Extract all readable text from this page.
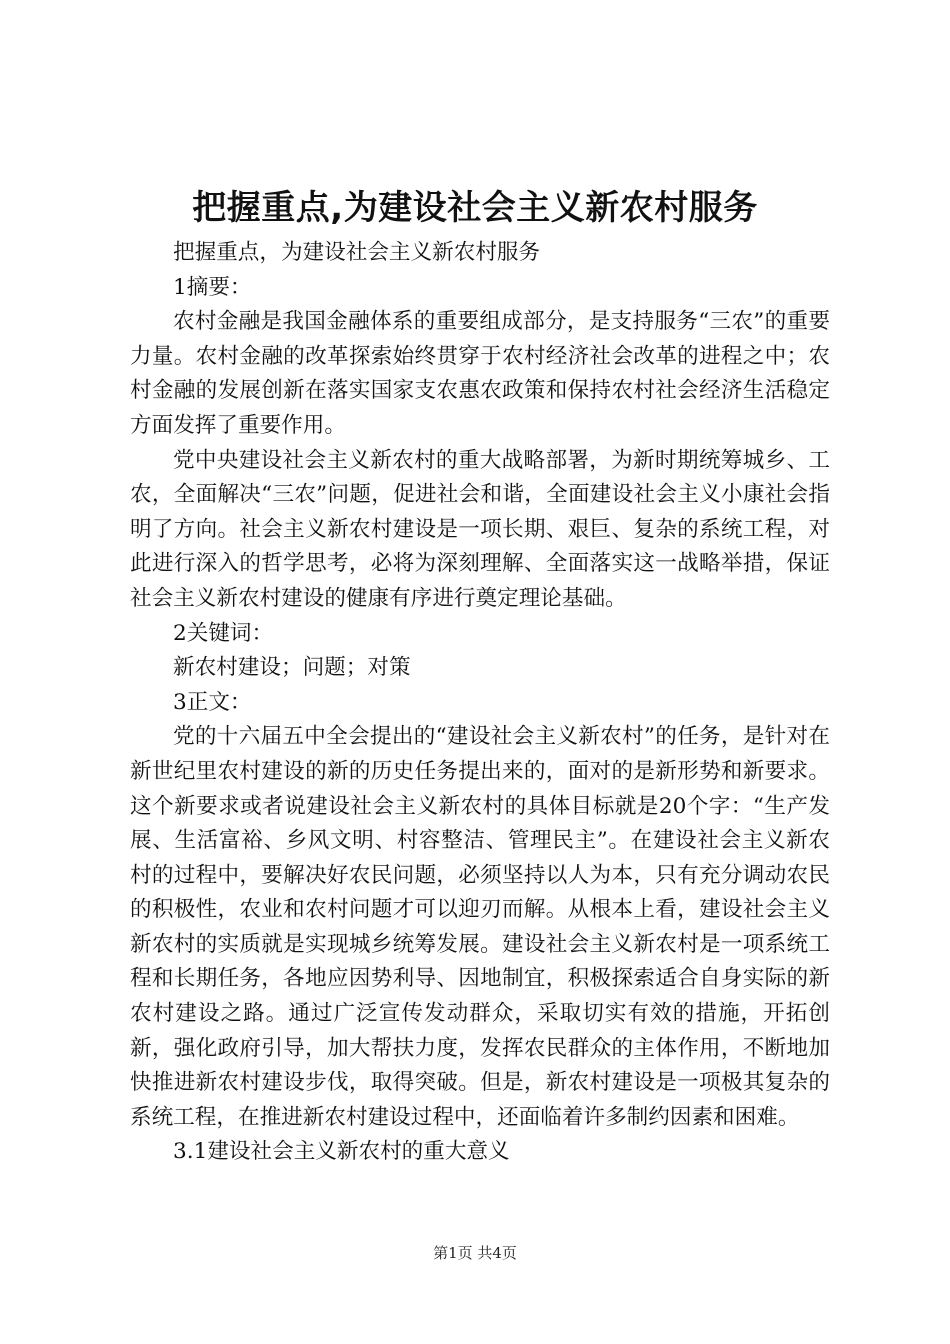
把握重点,为建设社会主义新农村服务

把握重点，为建设社会主义新农村服务

1摘要：

农村金融是我国金融体系的重要组成部分，是支持服务“三农”的重要力量。农村金融的改革探索始终贯穿于农村经济社会改革的进程之中；农村金融的发展创新在落实国家支农惠农政策和保持农村社会经济生活稳定方面发挥了重要作用。

党中央建设社会主义新农村的重大战略部署，为新时期统筹城乡、工农，全面解决“三农”问题，促进社会和谐，全面建设社会主义小康社会指明了方向。社会主义新农村建设是一项长期、艰巨、复杂的系统工程，对此进行深入的哲学思考，必将为深刻理解、全面落实这一战略举措，保证社会主义新农村建设的健康有序进行奠定理论基础。

2关键词：

新农村建设；问题；对策

3正文：

党的十六届五中全会提出的“建设社会主义新农村”的任务，是针对在新世纪里农村建设的新的历史任务提出来的，面对的是新形势和新要求。这个新要求或者说建设社会主义新农村的具体目标就是20个字：“生产发展、生活富裕、乡风文明、村容整洁、管理民主”。在建设社会主义新农村的过程中，要解决好农民问题，必须坚持以人为本，只有充分调动农民的积极性，农业和农村问题才可以迎刃而解。从根本上看，建设社会主义新农村的实质就是实现城乡统筹发展。建设社会主义新农村是一项系统工程和长期任务，各地应因势利导、因地制宜，积极探索适合自身实际的新农村建设之路。通过广泛宣传发动群众，采取切实有效的措施，开拓创新，强化政府引导，加大帮扶力度，发挥农民群众的主体作用，不断地加快推进新农村建设步伐，取得突破。但是，新农村建设是一项极其复杂的系统工程，在推进新农村建设过程中，还面临着许多制约因素和困难。

3.1建设社会主义新农村的重大意义

第1页 共4页
